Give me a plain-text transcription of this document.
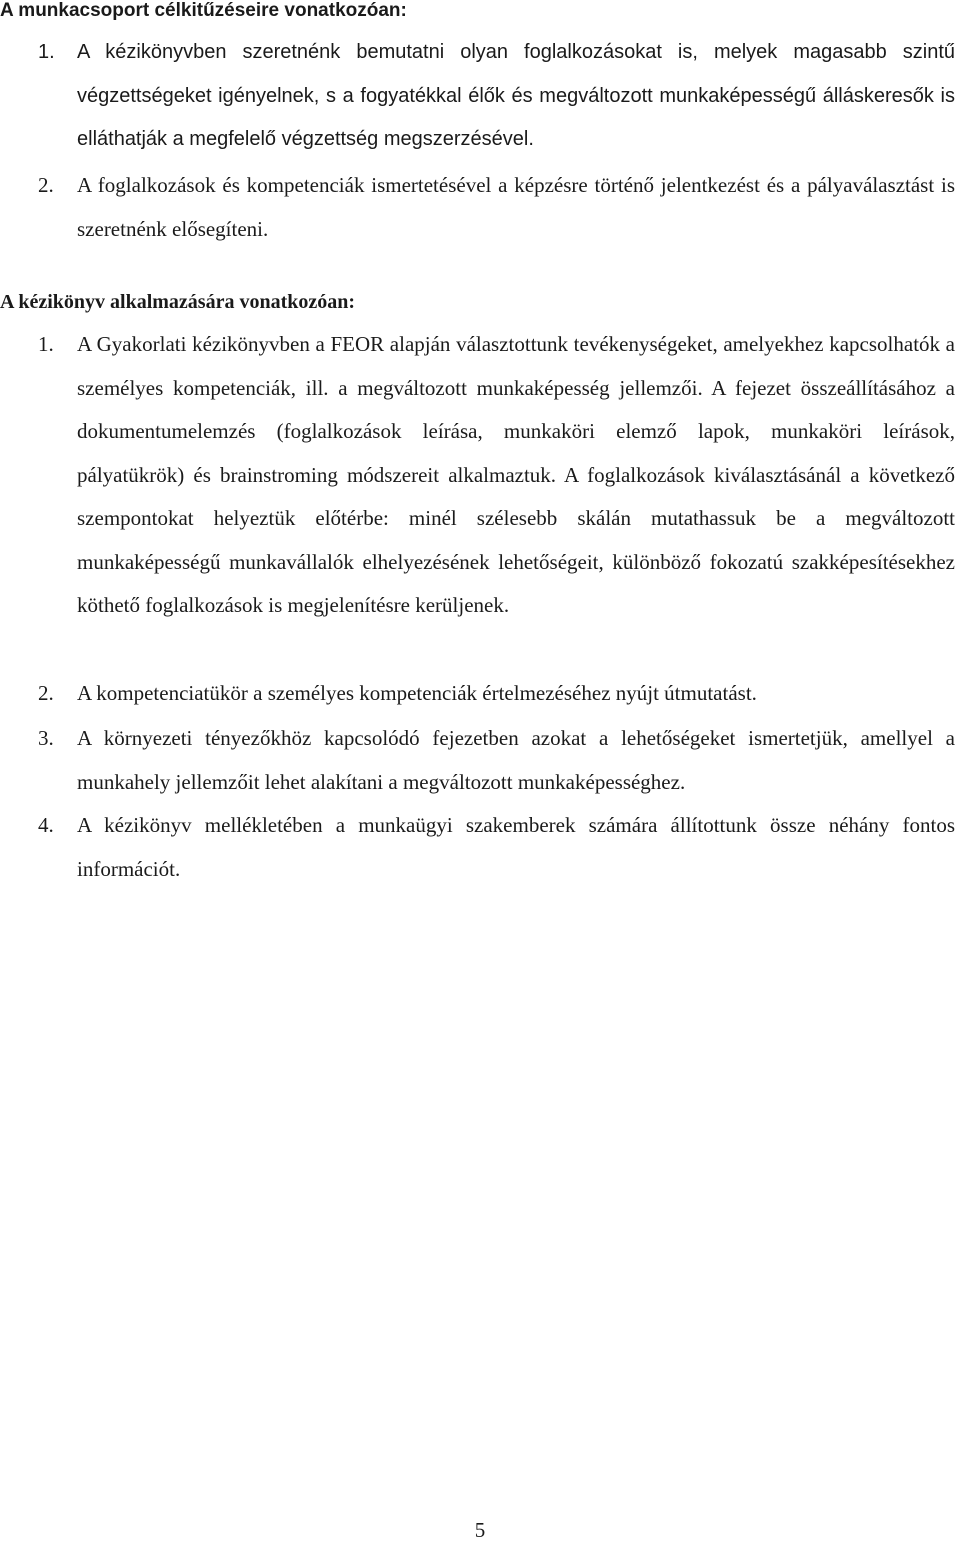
A munkacsoport célkitűzéseire vonatkozóan:
1. A kézikönyvben szeretnénk bemutatni olyan foglalkozásokat is, melyek magasabb szintű végzettségeket igényelnek, s a fogyatékkal élők és megváltozott munkaképességű álláskeresők is elláthatják a megfelelő végzettség megszerzésével.
2. A foglalkozások és kompetenciák ismertetésével a képzésre történő jelentkezést és a pályaválasztást is szeretnénk elősegíteni.
A kézikönyv alkalmazására vonatkozóan:
1. A Gyakorlati kézikönyvben a FEOR alapján választottunk tevékenységeket, amelyekhez kapcsolhatók a személyes kompetenciák, ill. a megváltozott munkaképesség jellemzői. A fejezet összeállításához a dokumentumelemzés (foglalkozások leírása, munkaköri elemző lapok, munkaköri leírások, pályatükrök) és brainstroming módszereit alkalmaztuk. A foglalkozások kiválasztásánál a következő szempontokat helyeztük előtérbe: minél szélesebb skálán mutathassuk be a megváltozott munkaképességű munkavállalók elhelyezésének lehetőségeit, különböző fokozatú szakképesítésekhez köthető foglalkozások is megjelenítésre kerüljenek.
2. A kompetenciatükör a személyes kompetenciák értelmezéséhez nyújt útmutatást.
3. A környezeti tényezőkhöz kapcsolódó fejezetben azokat a lehetőségeket ismertetjük, amellyel a munkahely jellemzőit lehet alakítani a megváltozott munkaképességhez.
4. A kézikönyv mellékletében a munkaügyi szakemberek számára állítottunk össze néhány fontos információt.
5
